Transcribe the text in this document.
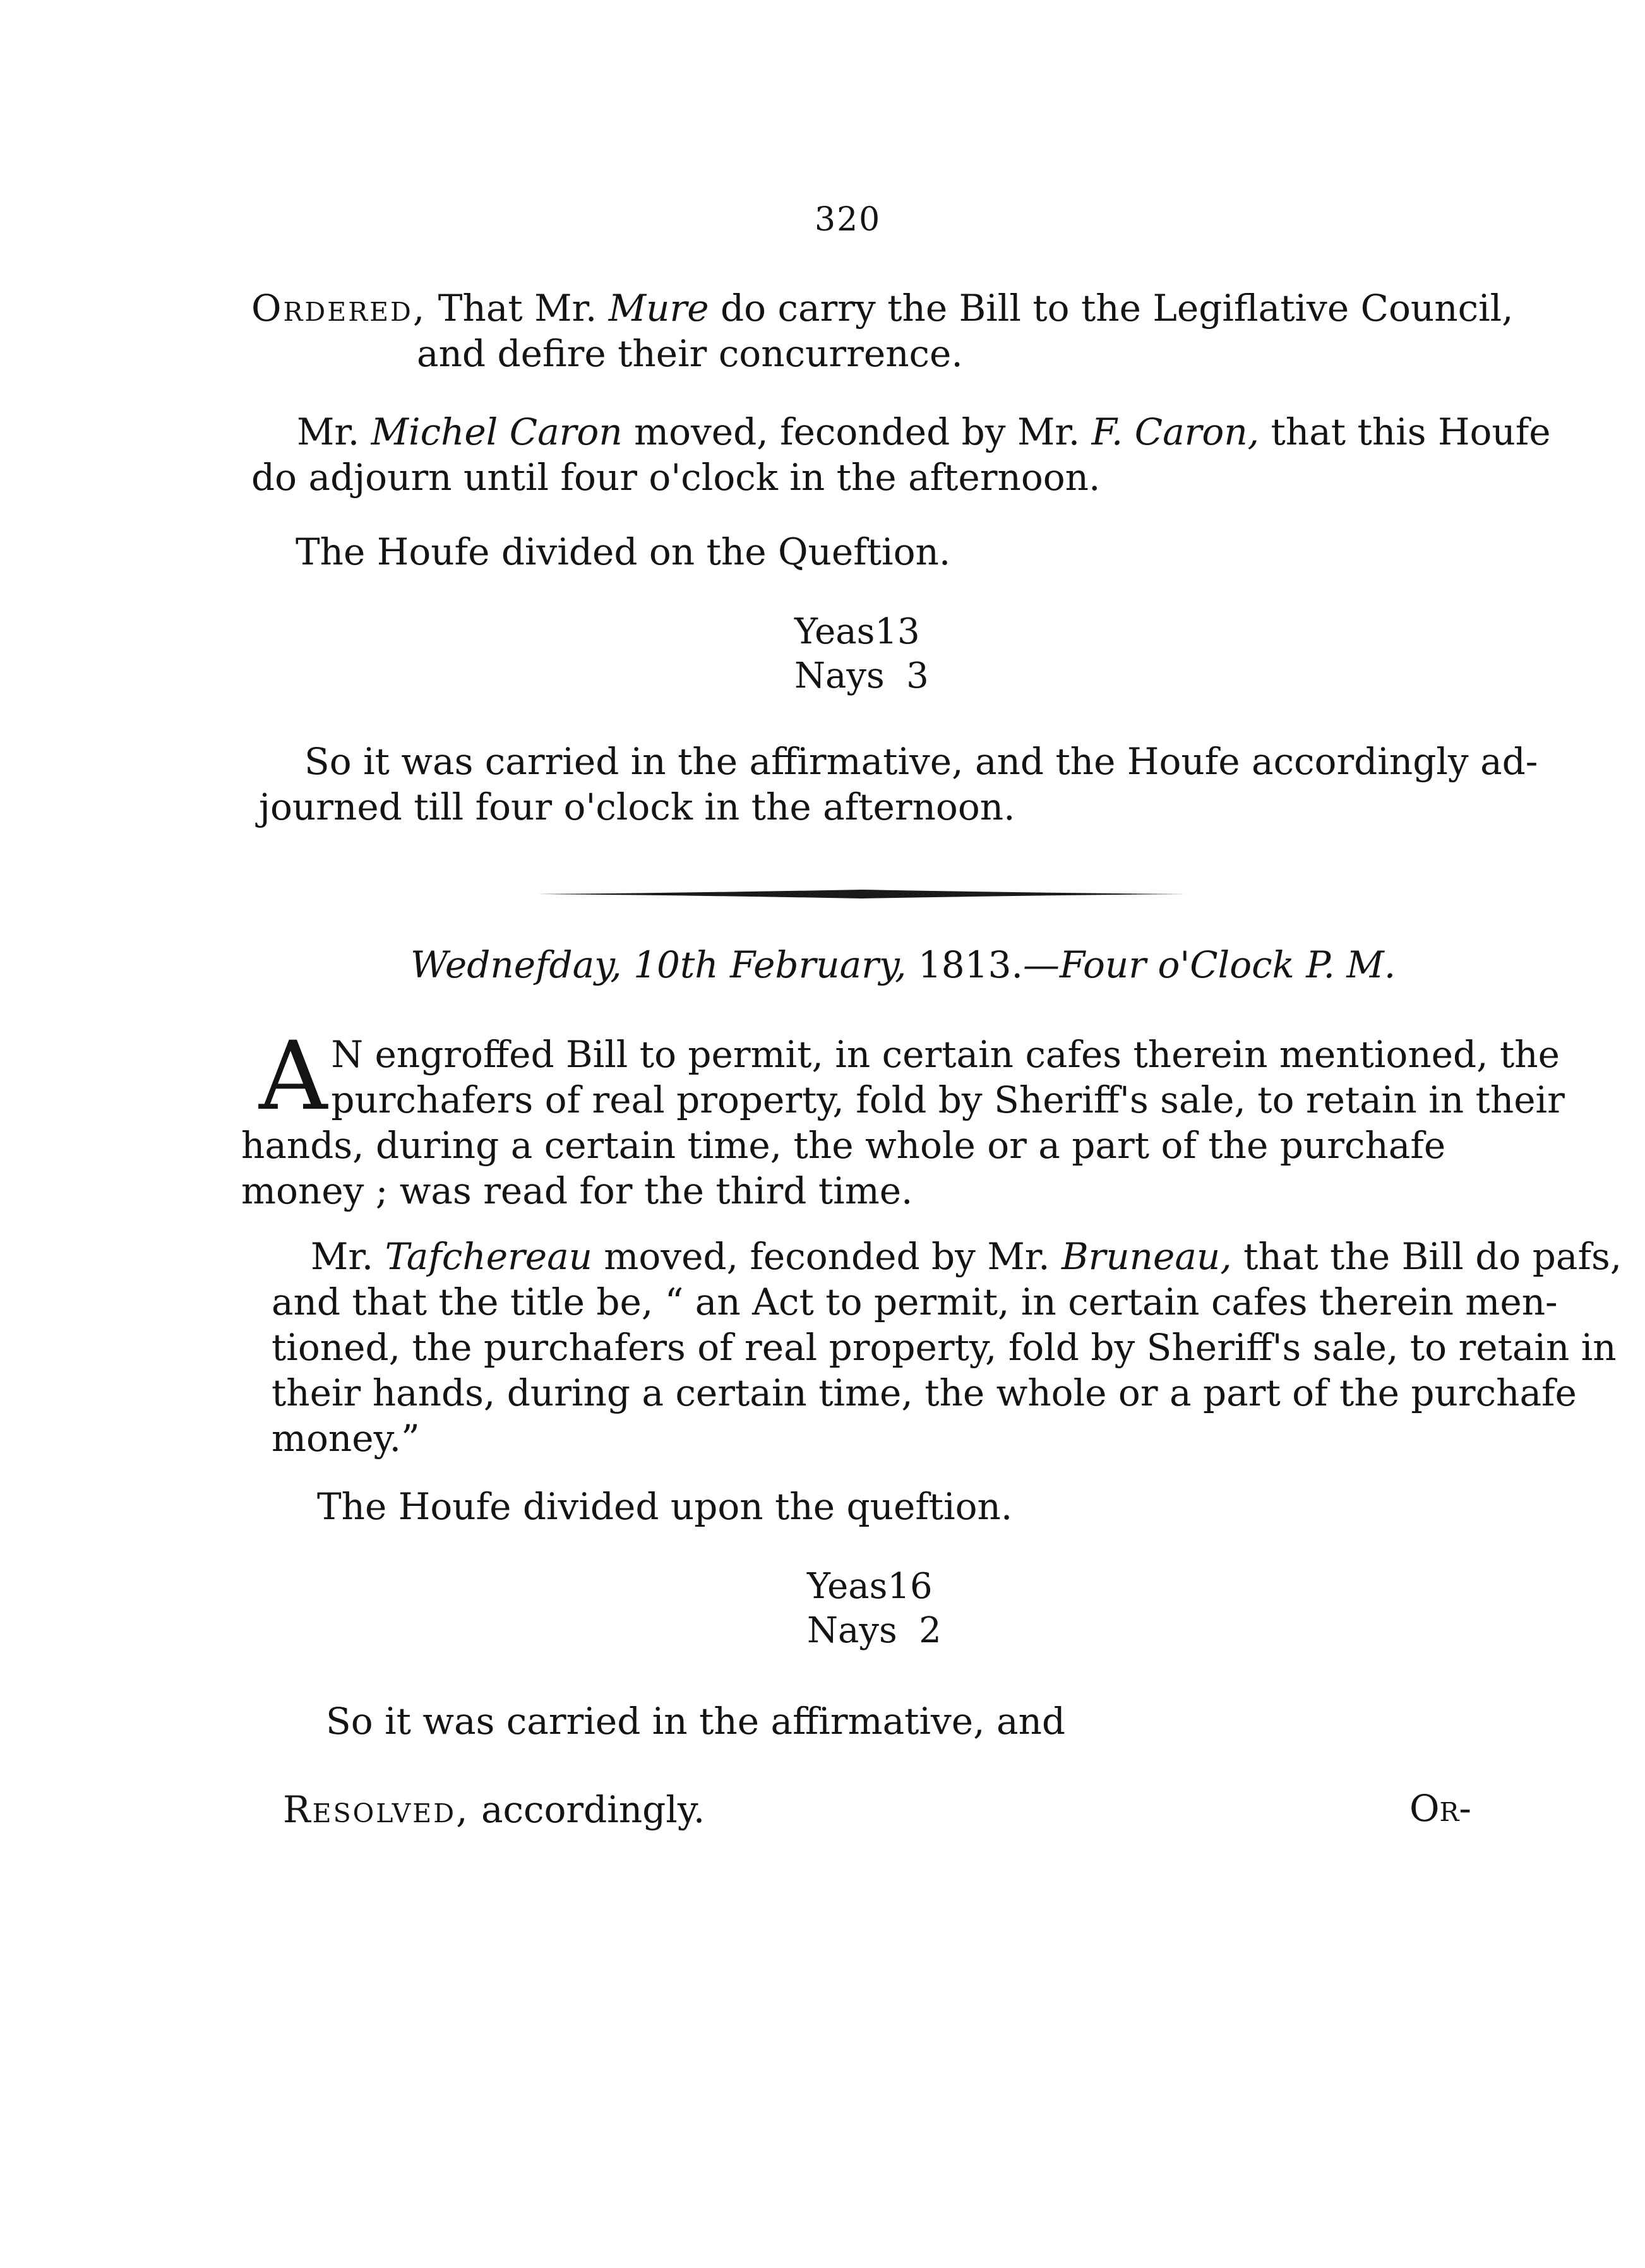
320
Ordered, That Mr. Mure do carry the Bill to the Legiflative Council,
and defire their concurrence.
Mr. Michel Caron moved, feconded by Mr. F. Caron, that this Houfe
do adjourn until four o'clock in the afternoon.
The Houfe divided on the Queftion.
Yeas13
Nays 3
So it was carried in the affirmative, and the Houfe accordingly ad-
journed till four o'clock in the afternoon.
Wednefday, 10th February, 1813.—Four o'Clock P. M.
A N engroffed Bill to permit, in certain cafes therein mentioned, the
purchafers of real property, fold by Sheriff's sale, to retain in their
hands, during a certain time, the whole or a part of the purchafe
money ; was read for the third time.
Mr. Tafchereau moved, feconded by Mr. Bruneau, that the Bill do pafs,
and that the title be, “ an Act to permit, in certain cafes therein men-
tioned, the purchafers of real property, fold by Sheriff's sale, to retain in
their hands, during a certain time, the whole or a part of the purchafe
money.”
The Houfe divided upon the queftion.
Yeas16
Nays 2
So it was carried in the affirmative, and
Resolved, accordingly.	Or-
